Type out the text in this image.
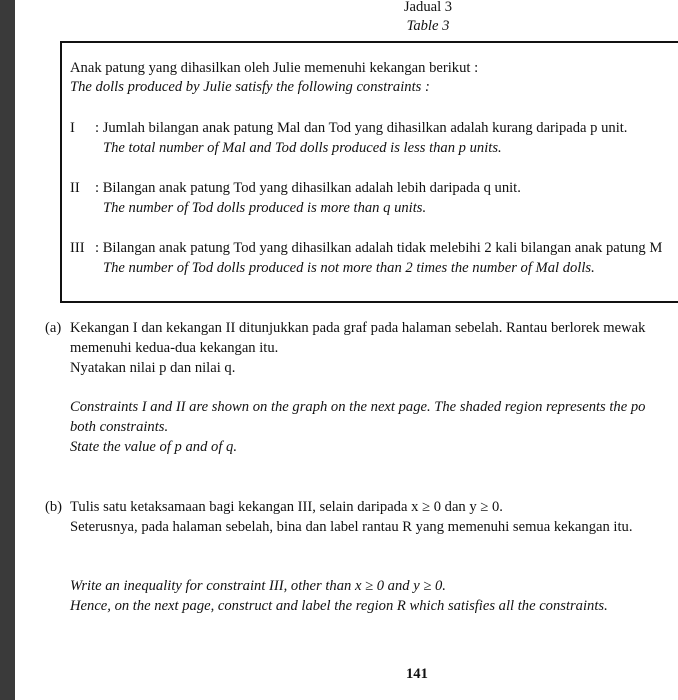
Jadual 3
Table 3
Anak patung yang dihasilkan oleh Julie memenuhi kekangan berikut :
The dolls produced by Julie satisfy the following constraints :
I : Jumlah bilangan anak patung Mal dan Tod yang dihasilkan adalah kurang daripada p unit.
The total number of Mal and Tod dolls produced is less than p units.
II : Bilangan anak patung Tod yang dihasilkan adalah lebih daripada q unit.
The number of Tod dolls produced is more than q units.
III : Bilangan anak patung Tod yang dihasilkan adalah tidak melebihi 2 kali bilangan anak patung M
The number of Tod dolls produced is not more than 2 times the number of Mal dolls.
(a) Kekangan I dan kekangan II ditunjukkan pada graf pada halaman sebelah. Rantau berlorek mewak
memenuhi kedua-dua kekangan itu.
Nyatakan nilai p dan nilai q.
Constraints I and II are shown on the graph on the next page. The shaded region represents the po
both constraints.
State the value of p and of q.
(b) Tulis satu ketaksamaan bagi kekangan III, selain daripada x ≥ 0 dan y ≥ 0.
Seterusnya, pada halaman sebelah, bina dan label rantau R yang memenuhi semua kekangan itu.
Write an inequality for constraint III, other than x ≥ 0 and y ≥ 0.
Hence, on the next page, construct and label the region R which satisfies all the constraints.
141
